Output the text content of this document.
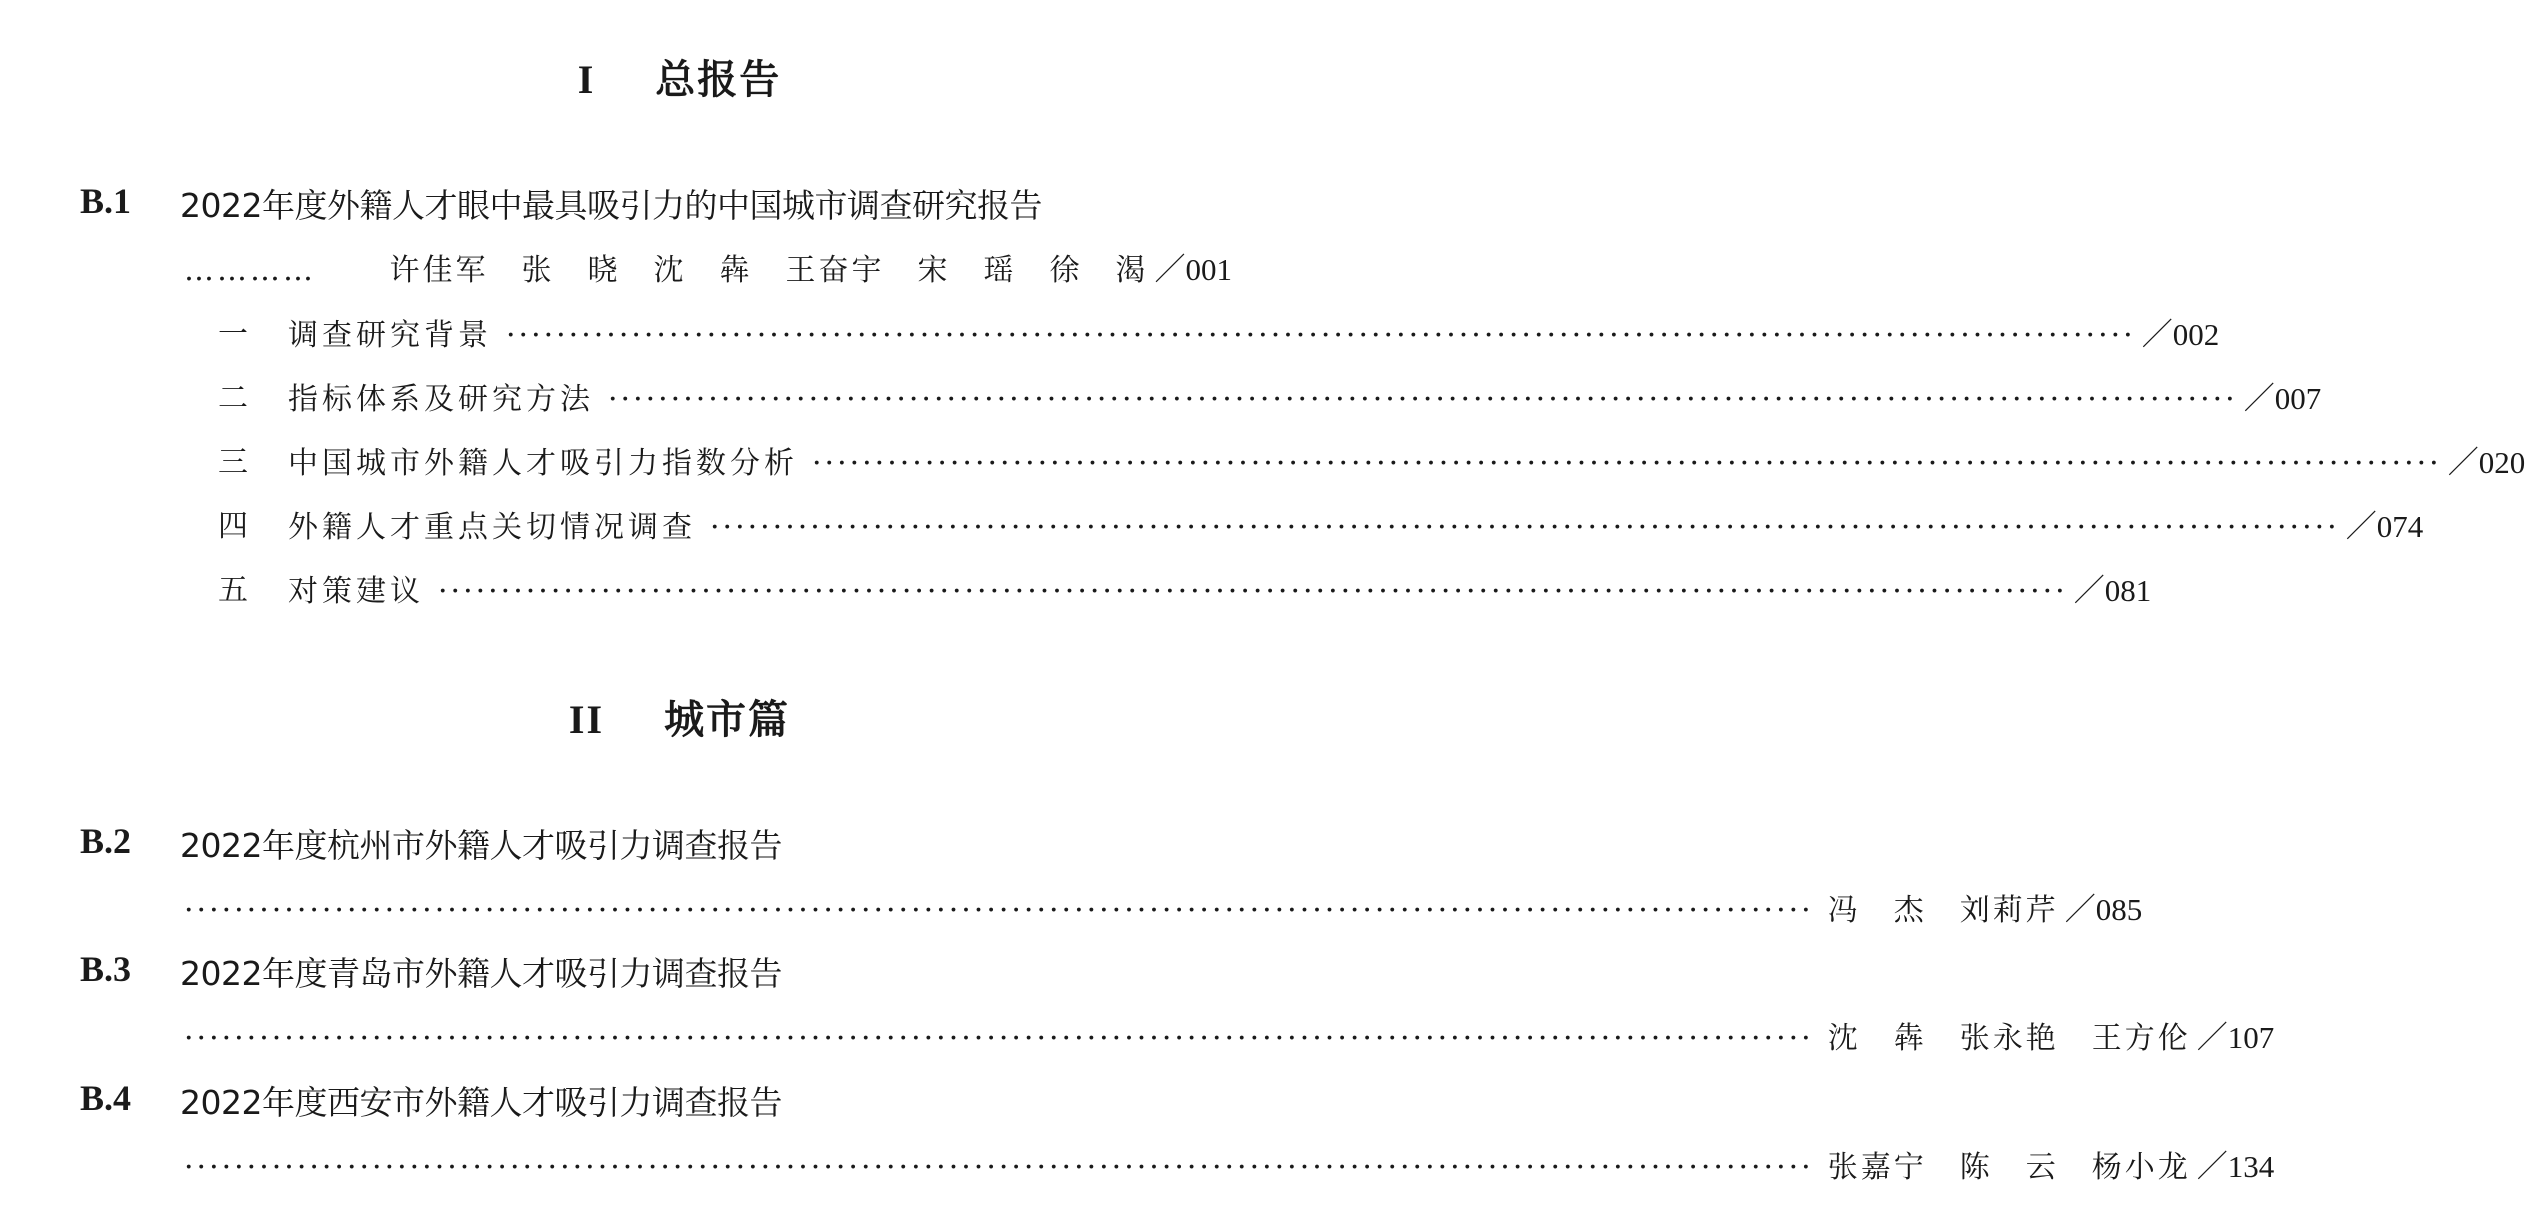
I 总报告
B.1 2022年度外籍人才眼中最具吸引力的中国城市调查研究报告
…………	许佳军　张　晓　沈　犇　王奋宇　宋　瑶　徐　渴 ／001
一 调查研究背景 ·································································································································· ／002
二 指标体系及研究方法 ·································································································································· ／007
三 中国城市外籍人才吸引力指数分析 ·································································································································· ／020
四 外籍人才重点关切情况调查 ·································································································································· ／074
五 对策建议 ·································································································································· ／081
II 城市篇
B.2 2022年度杭州市外籍人才吸引力调查报告
·································································································································· 冯　杰　刘莉芹 ／085
B.3 2022年度青岛市外籍人才吸引力调查报告
·································································································································· 沈　犇　张永艳　王方伦 ／107
B.4 2022年度西安市外籍人才吸引力调查报告
·································································································································· 张嘉宁　陈　云　杨小龙 ／134
